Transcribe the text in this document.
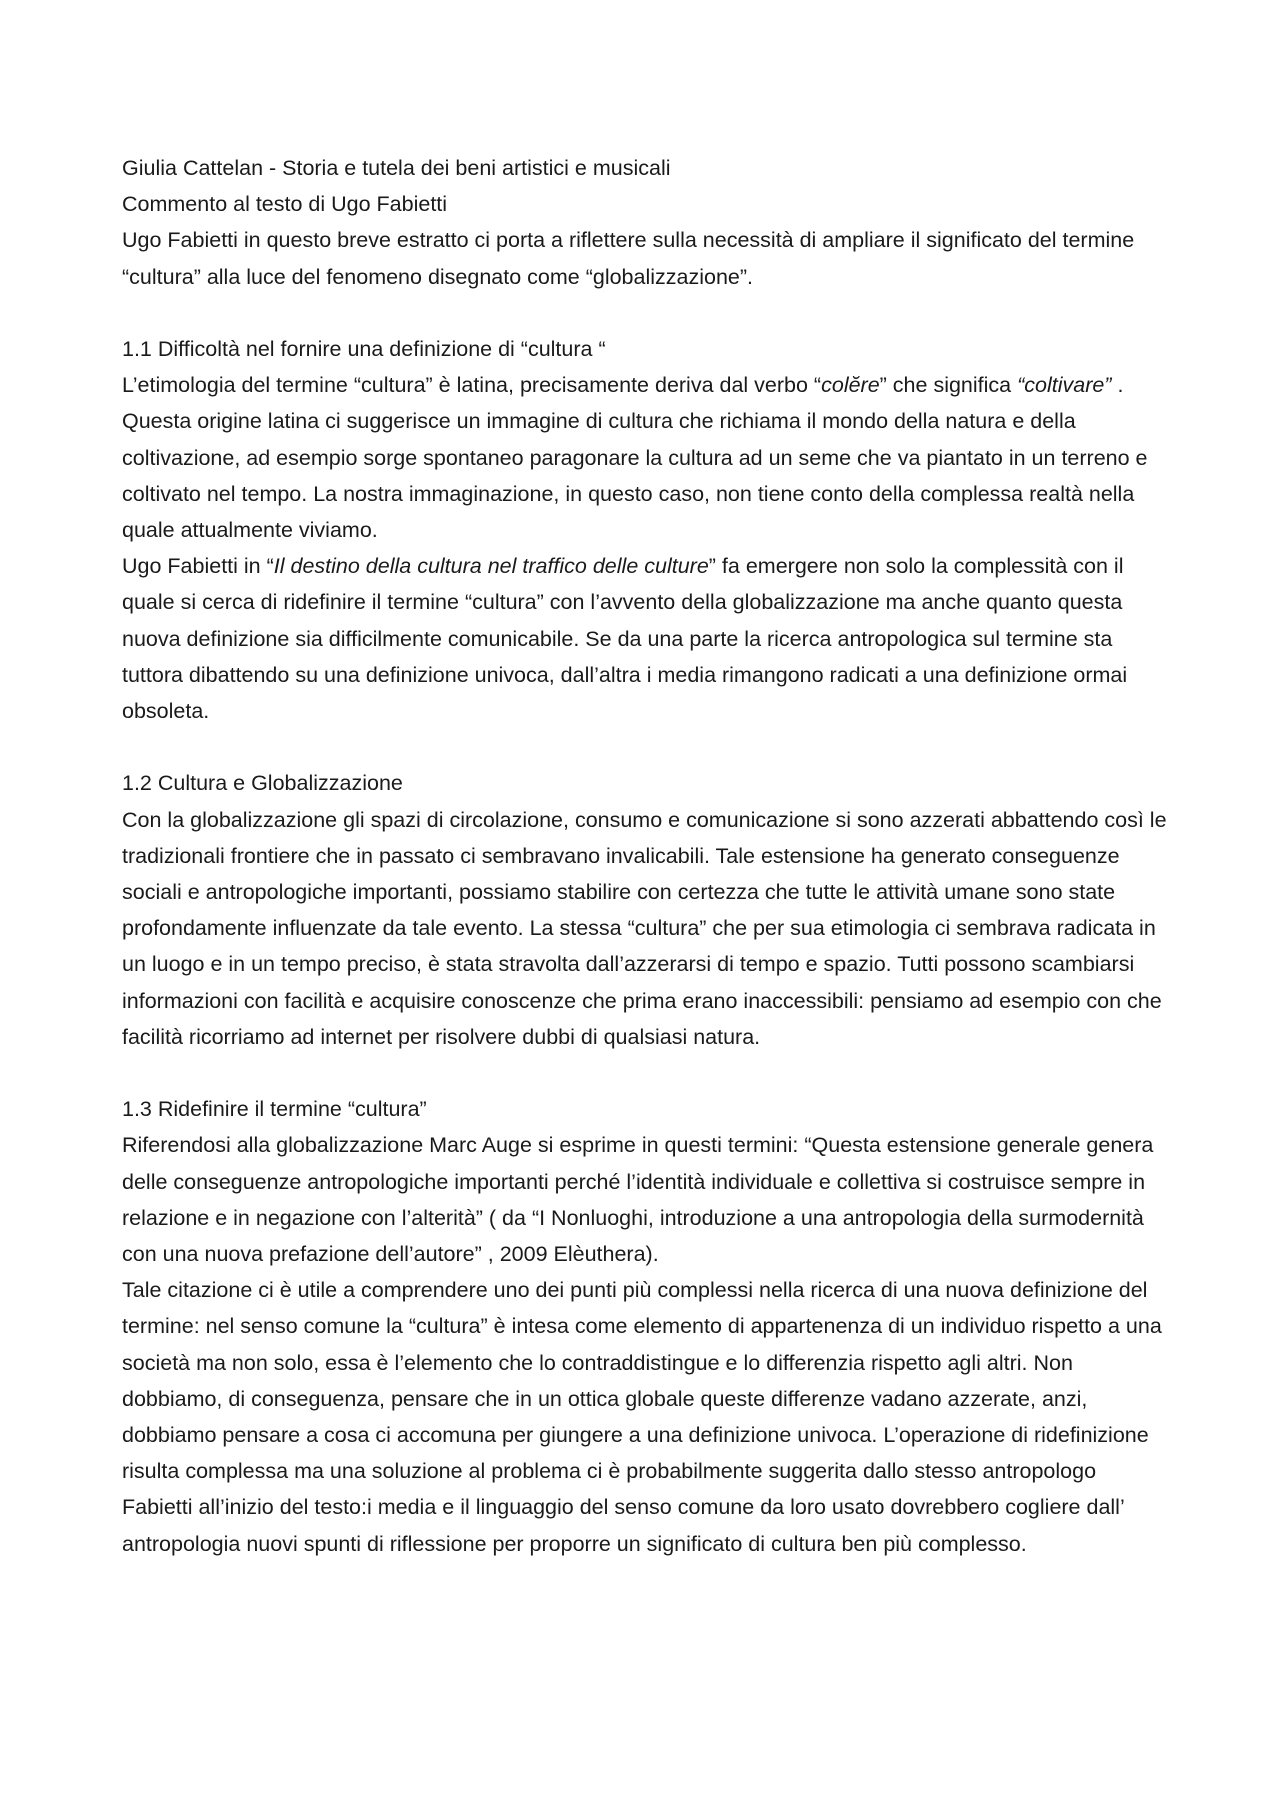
Giulia Cattelan - Storia e tutela dei beni artistici e musicali

Commento al testo di Ugo Fabietti

Ugo Fabietti in questo breve estratto ci porta a riflettere sulla necessità di ampliare il significato del termine “cultura” alla luce del fenomeno disegnato come “globalizzazione”.

1.1 Difficoltà nel fornire una definizione di “cultura “

L’etimologia del termine “cultura” è latina, precisamente deriva dal verbo “colĕre” che significa “coltivare” . Questa origine latina ci suggerisce un immagine di cultura che richiama il mondo della natura e della coltivazione, ad esempio sorge spontaneo paragonare la cultura ad un seme che va piantato in un terreno e coltivato nel tempo. La nostra immaginazione, in questo caso, non tiene conto della complessa realtà nella quale attualmente viviamo.

Ugo Fabietti in “Il destino della cultura nel traffico delle culture” fa emergere non solo la complessità con il quale si cerca di ridefinire il termine “cultura” con l’avvento della globalizzazione ma anche quanto questa nuova definizione sia difficilmente comunicabile. Se da una parte la ricerca antropologica sul termine sta tuttora dibattendo su una definizione univoca, dall’altra i media rimangono radicati a una definizione ormai obsoleta.

1.2 Cultura e Globalizzazione

Con la globalizzazione gli spazi di circolazione, consumo e comunicazione si sono azzerati abbattendo così le tradizionali frontiere che in passato ci sembravano invalicabili. Tale estensione ha generato conseguenze sociali e antropologiche importanti, possiamo stabilire con certezza che tutte le attività umane sono state profondamente influenzate da tale evento. La stessa “cultura” che per sua etimologia ci sembrava radicata in un luogo e in un tempo preciso, è stata stravolta dall’azzerarsi di tempo e spazio. Tutti possono scambiarsi informazioni con facilità e acquisire conoscenze che prima erano inaccessibili: pensiamo ad esempio con che facilità ricorriamo ad internet per risolvere dubbi di qualsiasi natura.

1.3 Ridefinire il termine “cultura”

Riferendosi alla globalizzazione Marc Auge si esprime in questi termini: “Questa estensione generale genera delle conseguenze antropologiche importanti perché l’identità individuale e collettiva si costruisce sempre in relazione e in negazione con l’alterità” ( da “I Nonluoghi, introduzione a una antropologia della surmodernità con una nuova prefazione dell’autore” , 2009 Elèuthera).

Tale citazione ci è utile a comprendere uno dei punti più complessi nella ricerca di una nuova definizione del termine: nel senso comune la “cultura” è intesa come elemento di appartenenza di un individuo rispetto a una società ma non solo, essa è l’elemento che lo contraddistingue e lo differenzia rispetto agli altri. Non dobbiamo, di conseguenza, pensare che in un ottica globale queste differenze vadano azzerate, anzi, dobbiamo pensare a cosa ci accomuna per giungere a una definizione univoca. L’operazione di ridefinizione risulta complessa ma una soluzione al problema ci è probabilmente suggerita dallo stesso antropologo Fabietti all’inizio del testo:i media e il linguaggio del senso comune da loro usato dovrebbero cogliere dall’ antropologia nuovi spunti di riflessione per proporre un significato di cultura ben più complesso.
